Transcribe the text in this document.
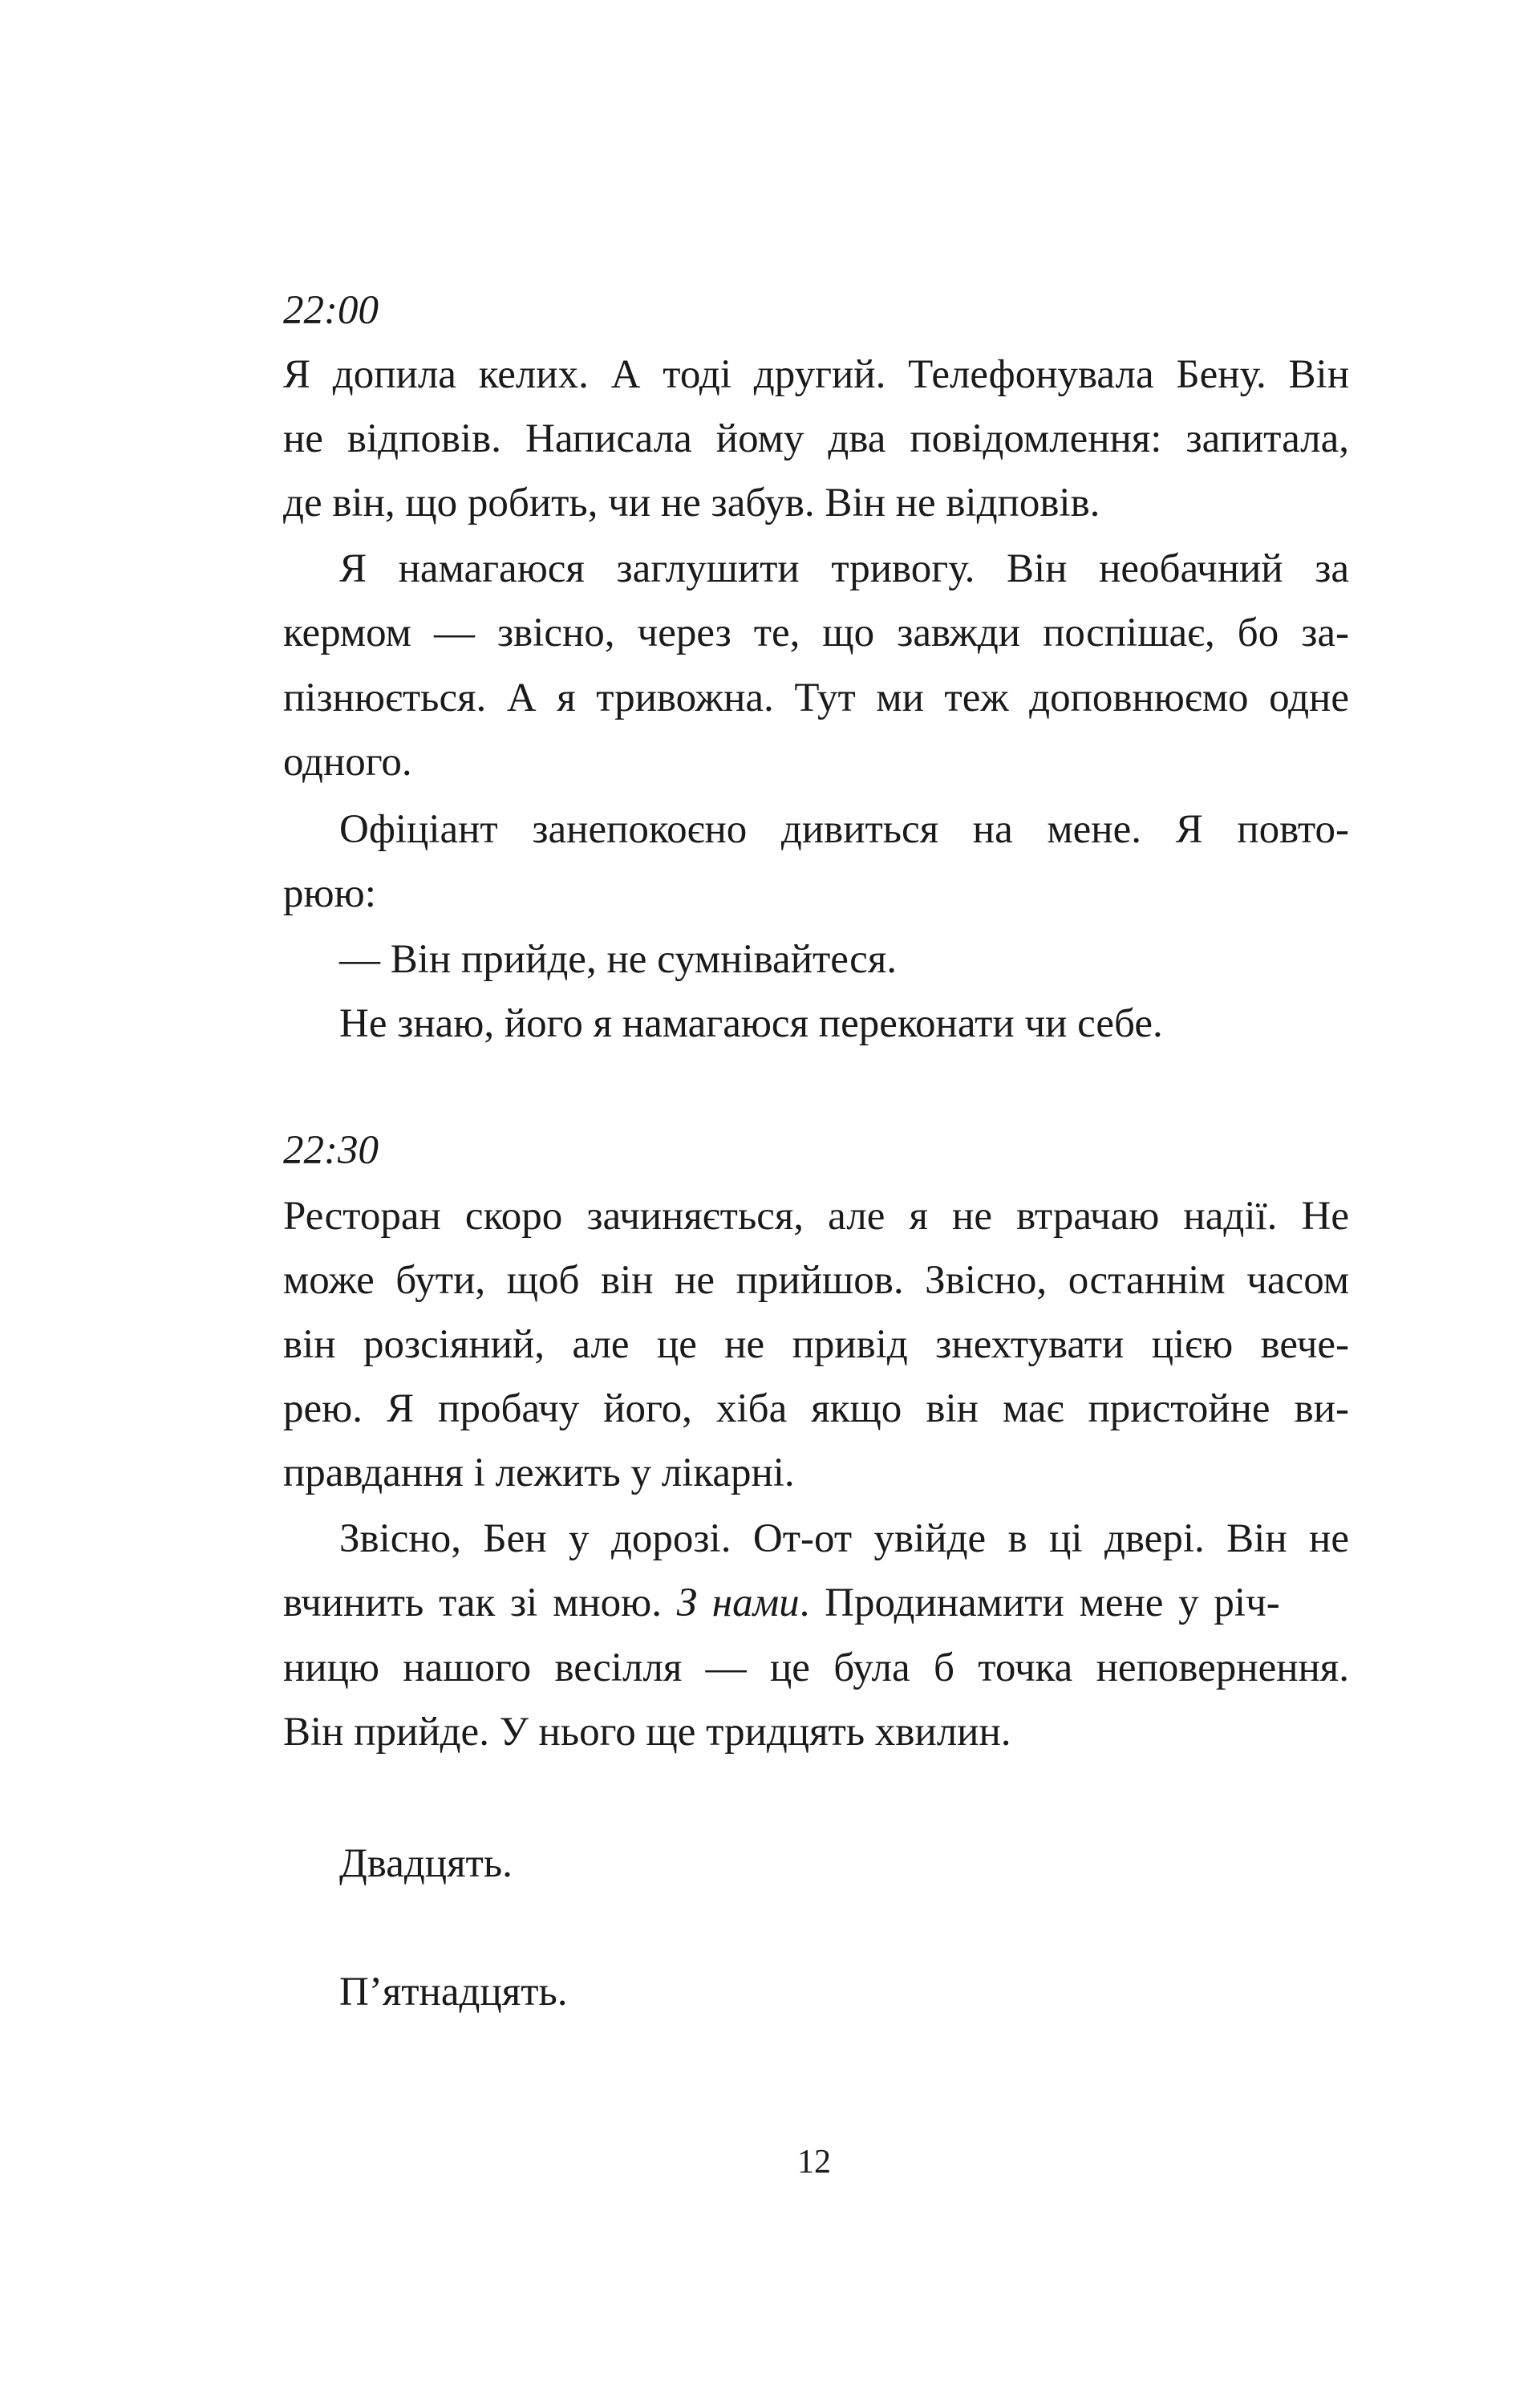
22:00
Я допила келих. А тоді другий. Телефонувала Бену. Він
не відповів. Написала йому два повідомлення: запитала,
де він, що робить, чи не забув. Він не відповів.
Я намагаюся заглушити тривогу. Він необачний за
кермом — звісно, через те, що завжди поспішає, бо за-
пізнюється. А я тривожна. Тут ми теж доповнюємо одне
одного.
Офіціант занепокоєно дивиться на мене. Я повто-
рюю:
— Він прийде, не сумнівайтеся.
Не знаю, його я намагаюся переконати чи себе.
22:30
Ресторан скоро зачиняється, але я не втрачаю надії. Не
може бути, щоб він не прийшов. Звісно, останнім часом
він розсіяний, але це не привід знехтувати цією вече-
рею. Я пробачу його, хіба якщо він має пристойне ви-
правдання і лежить у лікарні.
Звісно, Бен у дорозі. От-от увійде в ці двері. Він не
вчинить так зі мною. З нами. Продинамити мене у річ-
ницю нашого весілля — це була б точка неповернення.
Він прийде. У нього ще тридцять хвилин.
Двадцять.
П’ятнадцять.
12
